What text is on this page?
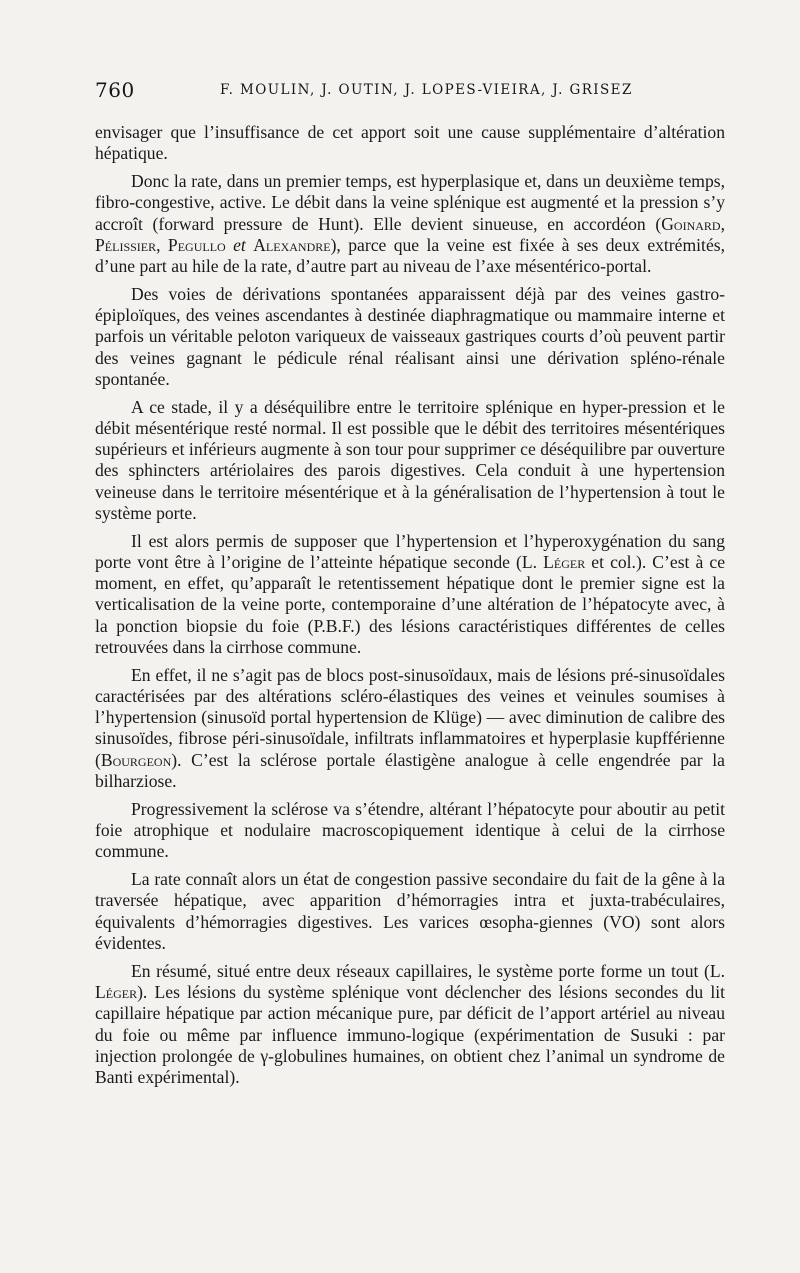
760	F. MOULIN, J. OUTIN, J. LOPES-VIEIRA, J. GRISEZ

envisager que l’insuffisance de cet apport soit une cause supplémentaire d’altération hépatique.

Donc la rate, dans un premier temps, est hyperplasique et, dans un deuxième temps, fibro-congestive, active. Le débit dans la veine splénique est augmenté et la pression s’y accroît (forward pressure de Hunt). Elle devient sinueuse, en accordéon (Goinard, Pélissier, Pegullo et Alexandre), parce que la veine est fixée à ses deux extrémités, d’une part au hile de la rate, d’autre part au niveau de l’axe mésentérico-portal.

Des voies de dérivations spontanées apparaissent déjà par des veines gastro-épiploïques, des veines ascendantes à destinée diaphragmatique ou mammaire interne et parfois un véritable peloton variqueux de vaisseaux gastriques courts d’où peuvent partir des veines gagnant le pédicule rénal réalisant ainsi une dérivation spléno-rénale spontanée.

A ce stade, il y a déséquilibre entre le territoire splénique en hyper-pression et le débit mésentérique resté normal. Il est possible que le débit des territoires mésentériques supérieurs et inférieurs augmente à son tour pour supprimer ce déséquilibre par ouverture des sphincters artériolaires des parois digestives. Cela conduit à une hypertension veineuse dans le territoire mésentérique et à la généralisation de l’hypertension à tout le système porte.

Il est alors permis de supposer que l’hypertension et l’hyperoxygénation du sang porte vont être à l’origine de l’atteinte hépatique seconde (L. Léger et col.). C’est à ce moment, en effet, qu’apparaît le retentissement hépatique dont le premier signe est la verticalisation de la veine porte, contemporaine d’une altération de l’hépatocyte avec, à la ponction biopsie du foie (P.B.F.) des lésions caractéristiques différentes de celles retrouvées dans la cirrhose commune.

En effet, il ne s’agit pas de blocs post-sinusoïdaux, mais de lésions pré-sinusoïdales caractérisées par des altérations scléro-élastiques des veines et veinules soumises à l’hypertension (sinusoïd portal hypertension de Klüge) — avec diminution de calibre des sinusoïdes, fibrose péri-sinusoïdale, infiltrats inflammatoires et hyperplasie kupfférienne (Bourgeon). C’est la sclérose portale élastigène analogue à celle engendrée par la bilharziose.

Progressivement la sclérose va s’étendre, altérant l’hépatocyte pour aboutir au petit foie atrophique et nodulaire macroscopiquement identique à celui de la cirrhose commune.

La rate connaît alors un état de congestion passive secondaire du fait de la gêne à la traversée hépatique, avec apparition d’hémorragies intra et juxta-trabéculaires, équivalents d’hémorragies digestives. Les varices œsopha-giennes (VO) sont alors évidentes.

En résumé, situé entre deux réseaux capillaires, le système porte forme un tout (L. Léger). Les lésions du système splénique vont déclencher des lésions secondes du lit capillaire hépatique par action mécanique pure, par déficit de l’apport artériel au niveau du foie ou même par influence immuno-logique (expérimentation de Susuki : par injection prolongée de γ-globulines humaines, on obtient chez l’animal un syndrome de Banti expérimental).
